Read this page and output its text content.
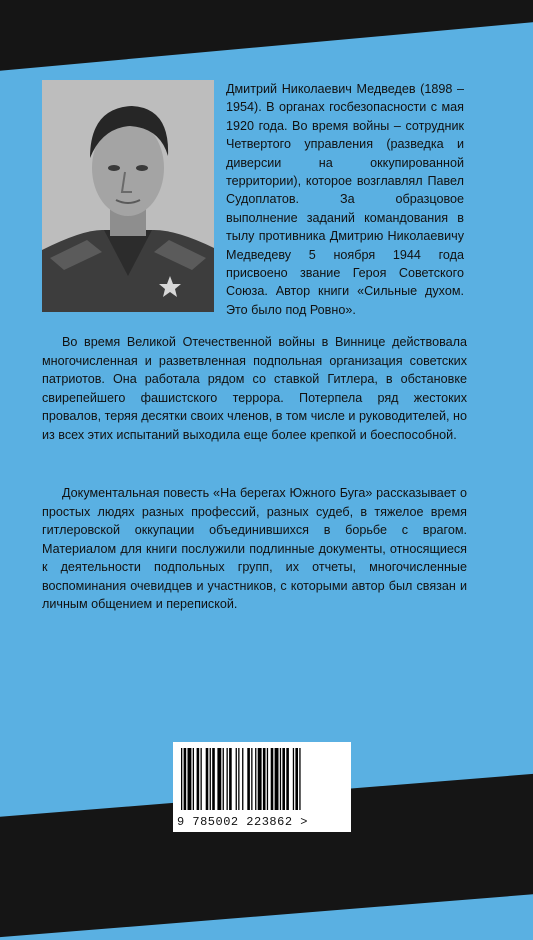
Дмитрий Николаевич Медведев (1898 – 1954). В органах госбезопасности с мая 1920 года. Во время войны – сотрудник Четвертого управления (разведка и диверсии на оккупированной территории), которое возглавлял Павел Судоплатов. За образцовое выполнение заданий командования в тылу противника Дмитрию Николаевичу Медведеву 5 ноября 1944 года присвоено звание Героя Советского Союза. Автор книги «Сильные духом. Это было под Ровно».

Во время Великой Отечественной войны в Виннице действовала многочисленная и разветвленная подпольная организация советских патриотов. Она работала рядом со ставкой Гитлера, в обстановке свирепейшего фашистского террора. Потерпела ряд жестоких провалов, теряя десятки своих членов, в том числе и руководителей, но из всех этих испытаний выходила еще более крепкой и боеспособной.

Документальная повесть «На берегах Южного Буга» рассказывает о простых людях разных профессий, разных судеб, в тяжелое время гитлеровской оккупации объединившихся в борьбе с врагом. Материалом для книги послужили подлинные документы, относящиеся к деятельности подпольных групп, их отчеты, многочисленные воспоминания очевидцев и участников, с которыми автор был связан и личным общением и перепиской.

9 785002 223862 >
